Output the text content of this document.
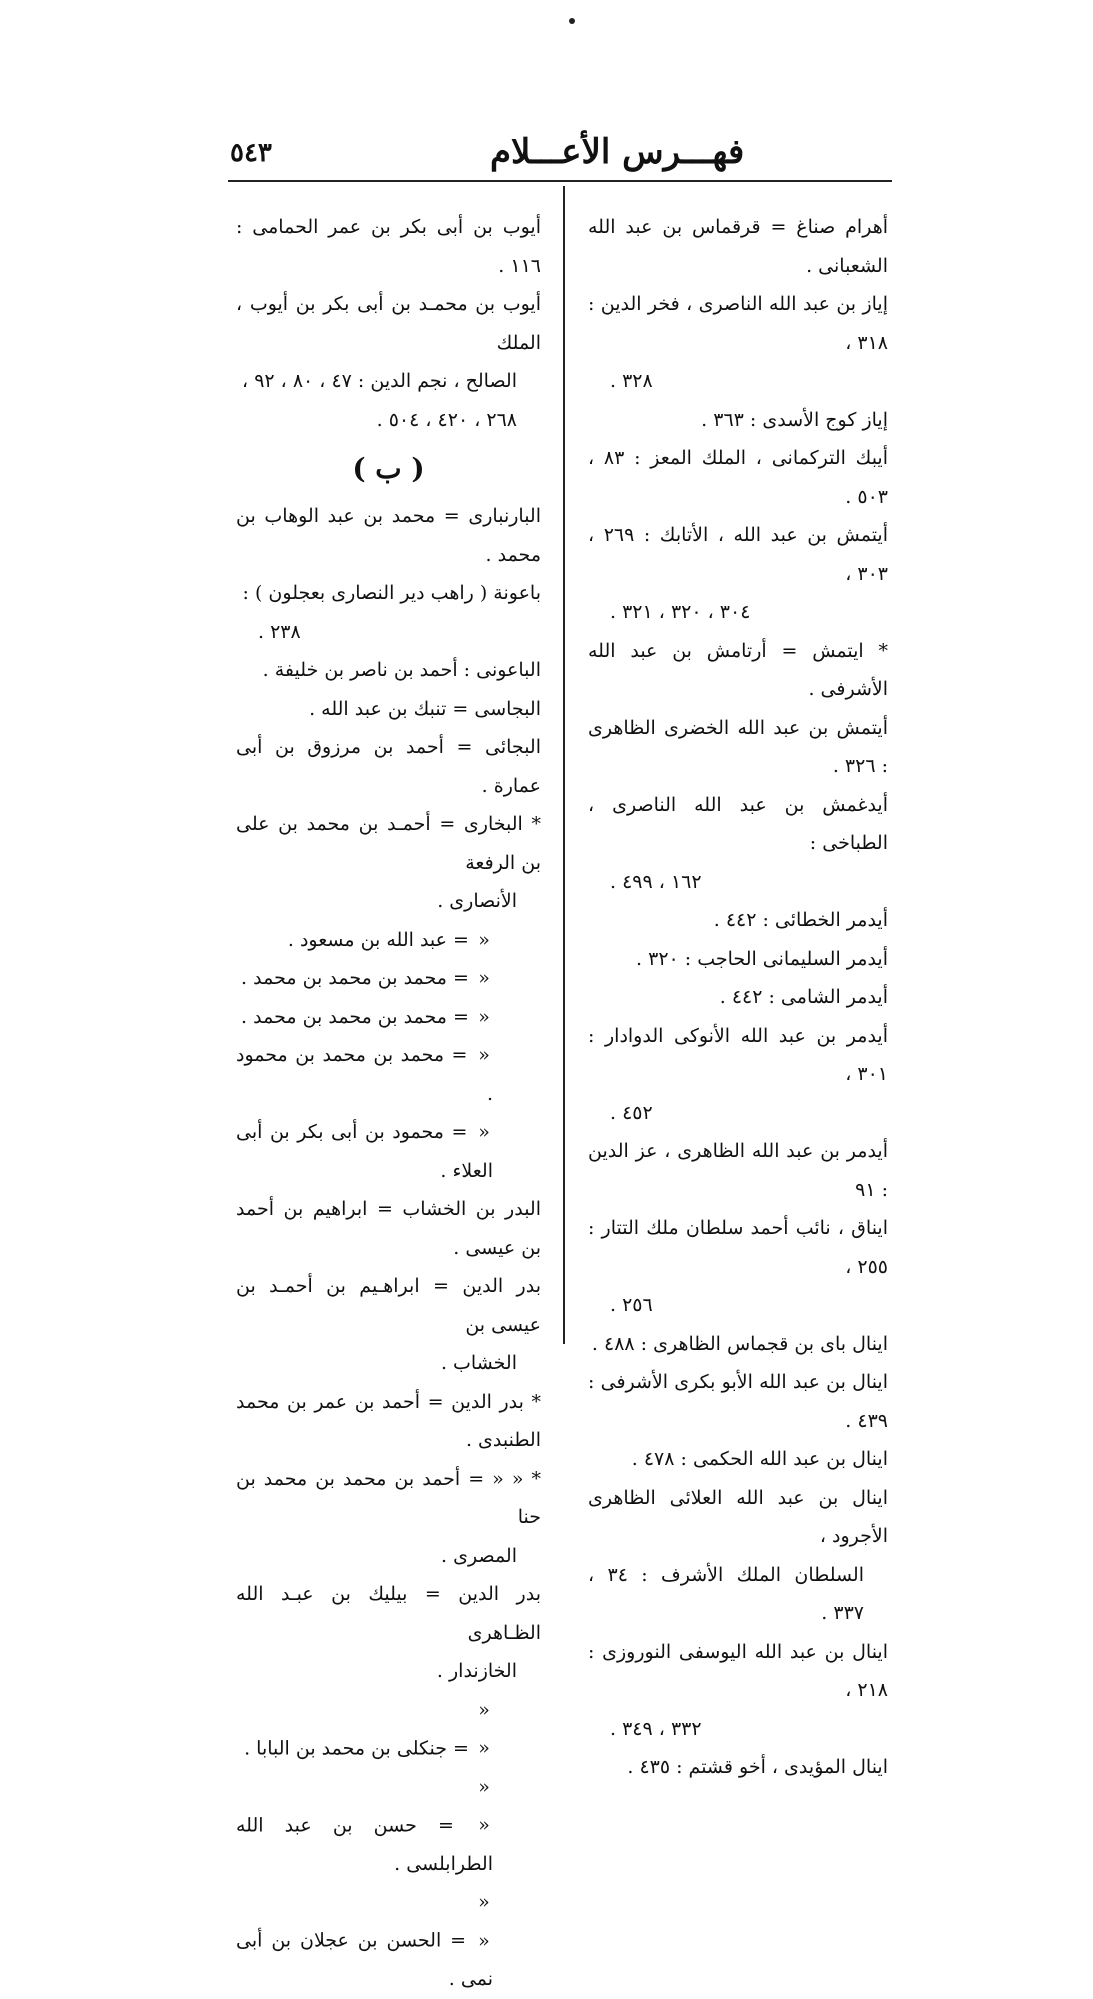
٥٤٣	فهـــرس الأعـــلام
أهرام صناغ = قرقماس بن عبد الله الشعبانى .
إياز بن عبد الله الناصرى ، فخر الدين : ٣١٨ ،
٣٢٨ .
إياز كوج الأسدى : ٣٦٣ .
أيبك التركمانى ، الملك المعز : ٨٣ ، ٥٠٣ .
أيتمش بن عبد الله ، الأتابك : ٢٦٩ ، ٣٠٣ ،
٣٠٤ ، ٣٢٠ ، ٣٢١ .
* ايتمش = أرتامش بن عبد الله الأشرفى .
أيتمش بن عبد الله الخضرى الظاهرى : ٣٢٦ .
أيدغمش بن عبد الله الناصرى ، الطباخى :
١٦٢ ، ٤٩٩ .
أيدمر الخطائى : ٤٤٢ .
أيدمر السليمانى الحاجب : ٣٢٠ .
أيدمر الشامى : ٤٤٢ .
أيدمر بن عبد الله الأنوكى الدوادار : ٣٠١ ،
٤٥٢ .
أيدمر بن عبد الله الظاهرى ، عز الدين : ٩١
ايناق ، نائب أحمد سلطان ملك التتار : ٢٥٥ ،
٢٥٦ .
اينال باى بن قجماس الظاهرى : ٤٨٨ .
اينال بن عبد الله الأبو بكرى الأشرفى : ٤٣٩ .
اينال بن عبد الله الحكمى : ٤٧٨ .
اينال بن عبد الله العلائى الظاهرى الأجرود ،
السلطان الملك الأشرف : ٣٤ ، ٣٣٧ .
اينال بن عبد الله اليوسفى النوروزى : ٢١٨ ،
٣٣٢ ، ٣٤٩ .
اينال المؤيدى ، أخو قشتم : ٤٣٥ .
أيوب بن أبى بكر بن عمر الحمامى : ١١٦ .
أيوب بن محمـد بن أبى بكر بن أيوب ، الملك
الصالح ، نجم الدين : ٤٧ ، ٨٠ ، ٩٢ ،
٢٦٨ ، ٤٢٠ ، ٥٠٤ .
( ب )
البارنبارى = محمد بن عبد الوهاب بن محمد .
باعونة ( راهب دير النصارى بعجلون ) :
٢٣٨ .
الباعونى : أحمد بن ناصر بن خليفة .
البجاسى = تنبك بن عبد الله .
البجائى = أحمد بن مرزوق بن أبى عمارة .
* البخارى = أحمـد بن محمد بن على بن الرفعة
الأنصارى .
« = عبد الله بن مسعود .
« = محمد بن محمد بن محمد .
« = محمد بن محمد بن محمد .
« = محمد بن محمد بن محمود .
« = محمود بن أبى بكر بن أبى العلاء .
البدر بن الخشاب = ابراهيم بن أحمد بن عيسى .
بدر الدين = ابراهـيم بن أحمـد بن عيسى بن
الخشاب .
* بدر الدين = أحمد بن عمر بن محمد الطنبدى .
* « « = أحمد بن محمد بن محمد بن حنا
المصرى .
بدر الدين = بيليك بن عبـد الله الظـاهرى
الخازندار .
« « = جنكلى بن محمد بن البابا .
« « = حسن بن عبد الله الطرابلسى .
« « = الحسن بن عجلان بن أبى نمى .
